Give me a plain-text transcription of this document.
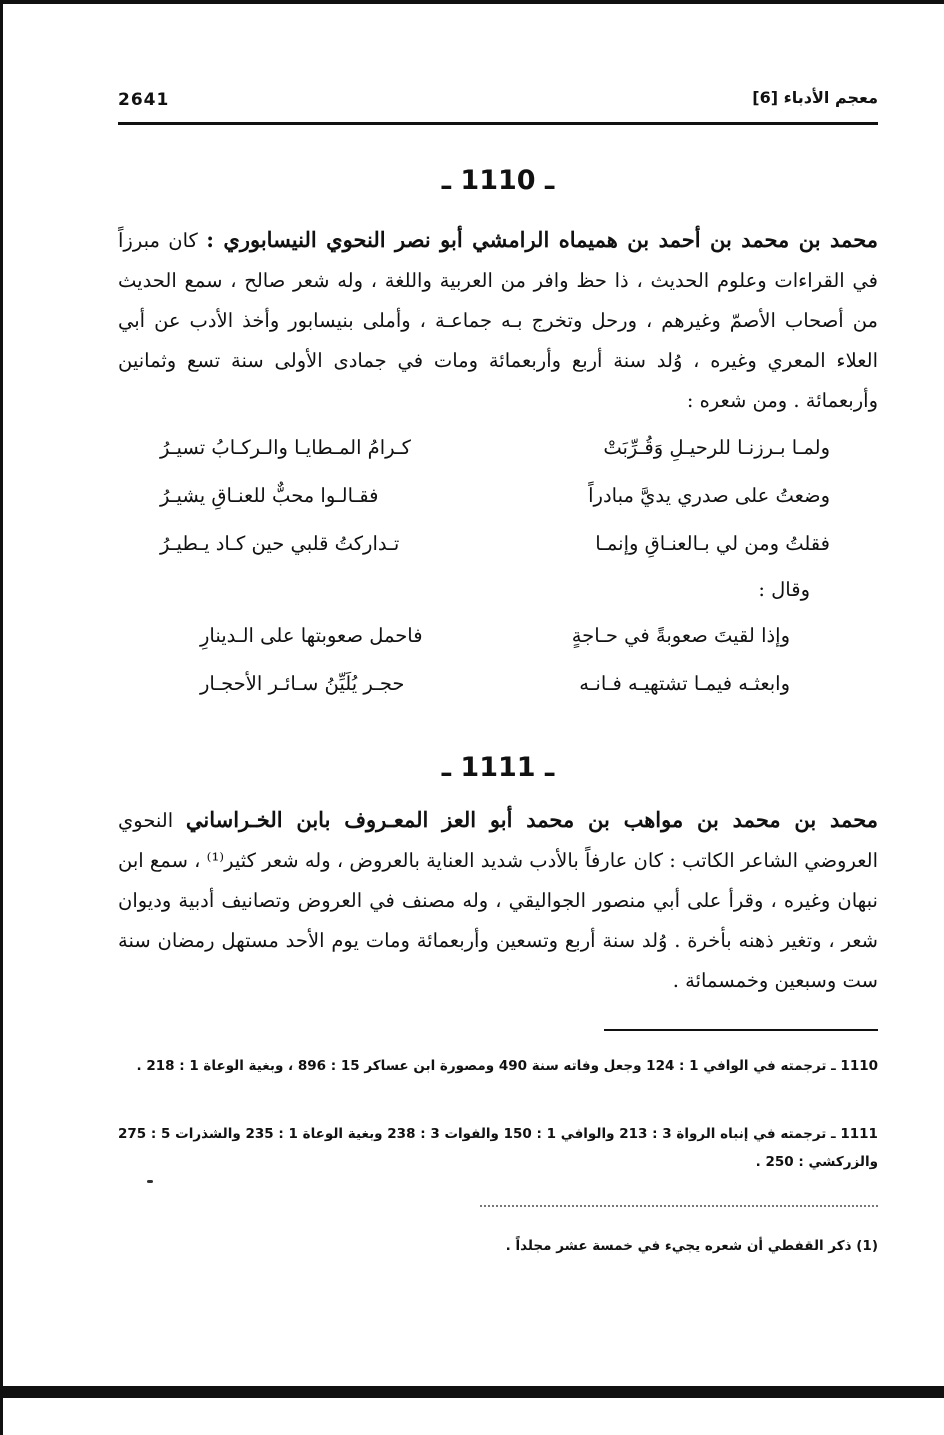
2641	معجم الأدباء [6]
ـ 1110 ـ
محمد بن محمد بن أحمد بن هميماه الرامشي أبو نصر النحوي النيسابوري : كان مبرزاً في القراءات وعلوم الحديث ، ذا حظ وافر من العربية واللغة ، وله شعر صالح ، سمع الحديث من أصحاب الأصمّ وغيرهم ، ورحل وتخرج بـه جماعـة ، وأملى بنيسابور وأخذ الأدب عن أبي العلاء المعري وغيره ، وُلد سنة أربع وأربعمائة ومات في جمادى الأولى سنة تسع وثمانين وأربعمائة . ومن شعره :
ولمـا بـرزنـا للرحيـلِ وَقُـرِّبَتْ
كـرامُ المـطايـا والـركـابُ تسيـرُ
وضعتُ على صدري يديَّ مبادراً
فقـالـوا محبٌّ للعنـاقِ يشيـرُ
فقلتُ ومن لي بـالعنـاقِ وإنمـا
تـداركتُ قلبي حين كـاد يـطيـرُ
وقال :
وإذا لقيتَ صعوبةً في حـاجةٍ
فاحمل صعوبتها على الـدينارِ
وابعثـه فيمـا تشتهيـه فـانـه
حجـر يُلَيِّنُ سـائـر الأحجـار
ـ 1111 ـ
محمد بن محمد بن مواهب بن محمد أبو العز المعـروف بابن الخـراساني النحوي العروضي الشاعر الكاتب : كان عارفاً بالأدب شديد العناية بالعروض ، وله شعر كثير⁽¹⁾ ، سمع ابن نبهان وغيره ، وقرأ على أبي منصور الجواليقي ، وله مصنف في العروض وتصانيف أدبية وديوان شعر ، وتغير ذهنه بأخرة . وُلد سنة أربع وتسعين وأربعمائة ومات يوم الأحد مستهل رمضان سنة ست وسبعين وخمسمائة .
1110 ـ ترجمته في الوافي 1 : 124 وجعل وفاته سنة 490 ومصورة ابن عساكر 15 : 896 ، وبغية الوعاة 1 : 218 .
1111 ـ ترجمته في إنباه الرواة 3 : 213 والوافي 1 : 150 والفوات 3 : 238 وبغية الوعاة 1 : 235 والشذرات 5 : 275 والزركشي : 250 .
(1) ذكر القفطي أن شعره يجيء في خمسة عشر مجلداً .
